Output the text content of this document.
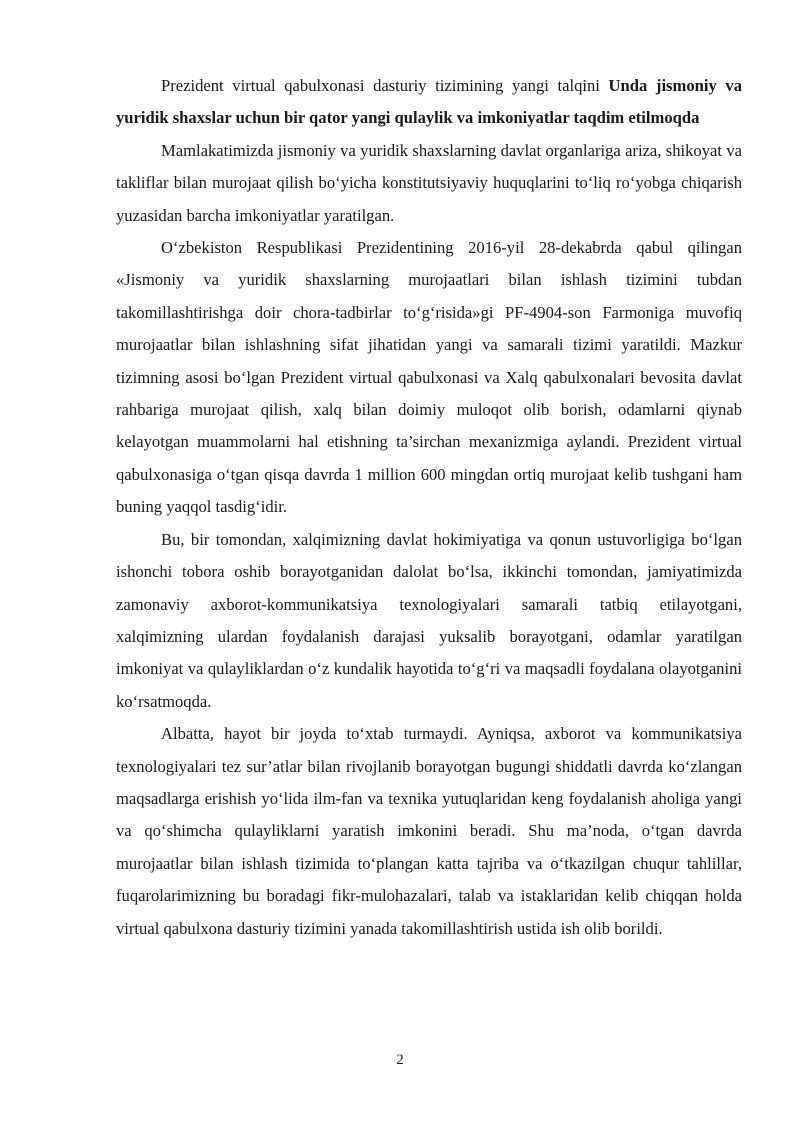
Prezident virtual qabulxonasi dasturiy tizimining yangi talqini Unda jismoniy va yuridik shaxslar uchun bir qator yangi qulaylik va imkoniyatlar taqdim etilmoqda

Mamlakatimizda jismoniy va yuridik shaxslarning davlat organlariga ariza, shikoyat va takliflar bilan murojaat qilish bo‘yicha konstitutsiyaviy huquqlarini to‘liq ro‘yobga chiqarish yuzasidan barcha imkoniyatlar yaratilgan.

O‘zbekiston Respublikasi Prezidentining 2016-yil 28-dekabrda qabul qilingan «Jismoniy va yuridik shaxslarning murojaatlari bilan ishlash tizimini tubdan takomillashtirishga doir chora-tadbirlar to‘g‘risida»gi PF-4904-son Farmoniga muvofiq murojaatlar bilan ishlashning sifat jihatidan yangi va samarali tizimi yaratildi. Mazkur tizimning asosi bo‘lgan Prezident virtual qabulxonasi va Xalq qabulxonalari bevosita davlat rahbariga murojaat qilish, xalq bilan doimiy muloqot olib borish, odamlarni qiynab kelayotgan muammolarni hal etishning ta’sirchan mexanizmiga aylandi. Prezident virtual qabulxonasiga o‘tgan qisqa davrda 1 million 600 mingdan ortiq murojaat kelib tushgani ham buning yaqqol tasdig‘idir.

Bu, bir tomondan, xalqimizning davlat hokimiyatiga va qonun ustuvorligiga bo‘lgan ishonchi tobora oshib borayotganidan dalolat bo‘lsa, ikkinchi tomondan, jamiyatimizda zamonaviy axborot-kommunikatsiya texnologiyalari samarali tatbiq etilayotgani, xalqimizning ulardan foydalanish darajasi yuksalib borayotgani, odamlar yaratilgan imkoniyat va qulayliklardan o‘z kundalik hayotida to‘g‘ri va maqsadli foydalana olayotganini ko‘rsatmoqda.

Albatta, hayot bir joyda to‘xtab turmaydi. Ayniqsa, axborot va kommunikatsiya texnologiyalari tez sur’atlar bilan rivojlanib borayotgan bugungi shiddatli davrda ko‘zlangan maqsadlarga erishish yo‘lida ilm-fan va texnika yutuqlaridan keng foydalanish aholiga yangi va qo‘shimcha qulayliklarni yaratish imkonini beradi. Shu ma’noda, o‘tgan davrda murojaatlar bilan ishlash tizimida to‘plangan katta tajriba va o‘tkazilgan chuqur tahlillar, fuqarolarimizning bu boradagi fikr-mulohazalari, talab va istaklaridan kelib chiqqan holda virtual qabulxona dasturiy tizimini yanada takomillashtirish ustida ish olib borildi.

2
